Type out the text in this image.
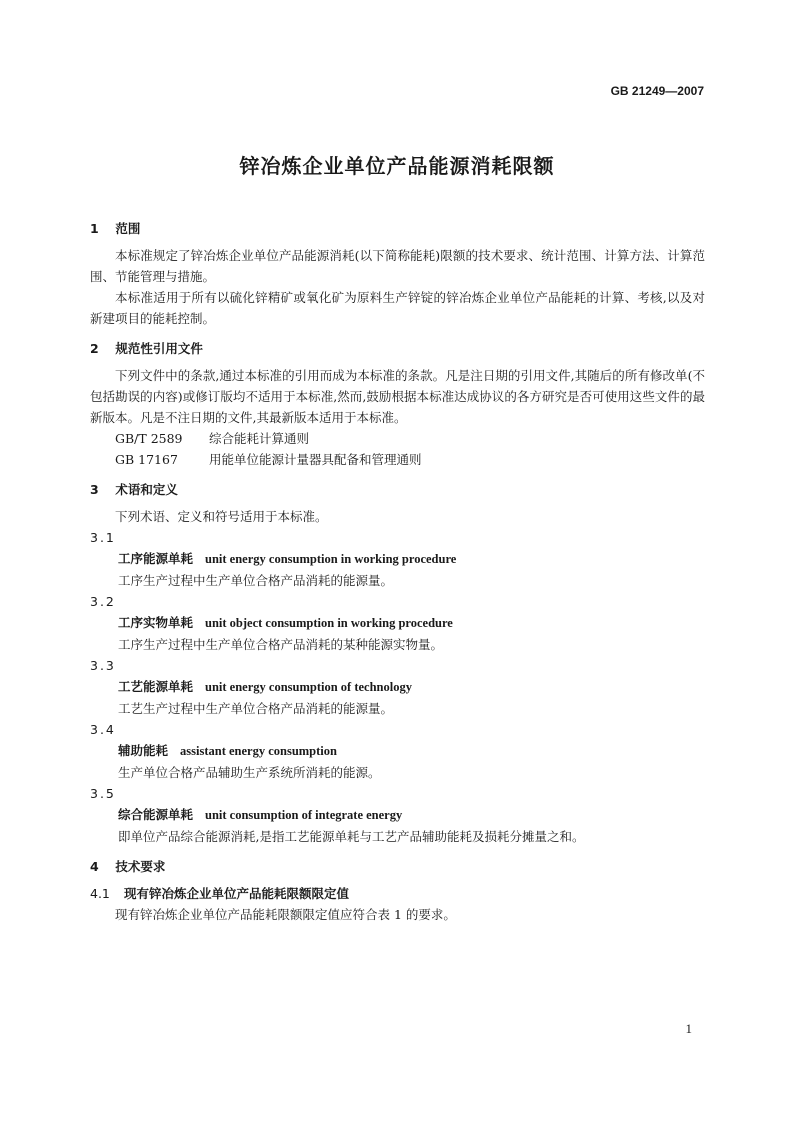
GB 21249—2007
锌冶炼企业单位产品能源消耗限额
1 范围

本标准规定了锌冶炼企业单位产品能源消耗(以下简称能耗)限额的技术要求、统计范围、计算方法、计算范围、节能管理与措施。

本标准适用于所有以硫化锌精矿或氧化矿为原料生产锌锭的锌冶炼企业单位产品能耗的计算、考核,以及对新建项目的能耗控制。

2 规范性引用文件

下列文件中的条款,通过本标准的引用而成为本标准的条款。凡是注日期的引用文件,其随后的所有修改单(不包括勘误的内容)或修订版均不适用于本标准,然而,鼓励根据本标准达成协议的各方研究是否可使用这些文件的最新版本。凡是不注日期的文件,其最新版本适用于本标准。

GB/T 2589 综合能耗计算通则

GB 17167 用能单位能源计量器具配备和管理通则

3 术语和定义

下列术语、定义和符号适用于本标准。

3.1

工序能源单耗 unit energy consumption in working procedure

工序生产过程中生产单位合格产品消耗的能源量。

3.2

工序实物单耗 unit object consumption in working procedure

工序生产过程中生产单位合格产品消耗的某种能源实物量。

3.3

工艺能源单耗 unit energy consumption of technology

工艺生产过程中生产单位合格产品消耗的能源量。

3.4

辅助能耗 assistant energy consumption

生产单位合格产品辅助生产系统所消耗的能源。

3.5

综合能源单耗 unit consumption of integrate energy

即单位产品综合能源消耗,是指工艺能源单耗与工艺产品辅助能耗及损耗分摊量之和。

4 技术要求

4.1 现有锌冶炼企业单位产品能耗限额限定值

现有锌冶炼企业单位产品能耗限额限定值应符合表 1 的要求。

1
